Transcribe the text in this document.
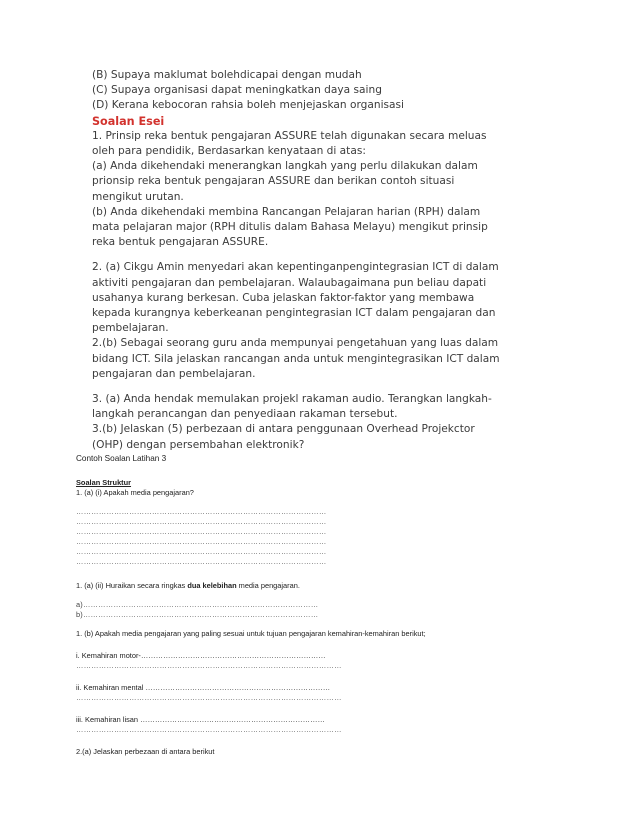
(B) Supaya maklumat bolehdicapai dengan mudah
(C) Supaya organisasi dapat meningkatkan daya saing
(D) Kerana kebocoran rahsia boleh menjejaskan organisasi
Soalan Esei
1. Prinsip reka bentuk pengajaran ASSURE telah digunakan secara meluas
oleh para pendidik, Berdasarkan kenyataan di atas:
(a) Anda dikehendaki menerangkan langkah yang perlu dilakukan dalam
prionsip reka bentuk pengajaran ASSURE dan berikan contoh situasi
mengikut urutan.
(b) Anda dikehendaki membina Rancangan Pelajaran harian (RPH) dalam
mata pelajaran major (RPH ditulis dalam Bahasa Melayu) mengikut prinsip
reka bentuk pengajaran ASSURE.
2. (a) Cikgu Amin menyedari akan kepentinganpengintegrasian ICT di dalam
aktiviti pengajaran dan pembelajaran. Walaubagaimana pun beliau dapati
usahanya kurang berkesan. Cuba jelaskan faktor-faktor yang membawa
kepada kurangnya keberkeanan pengintegrasian ICT dalam pengajaran dan
pembelajaran.
2.(b) Sebagai seorang guru anda mempunyai pengetahuan yang luas dalam
bidang ICT. Sila jelaskan rancangan anda untuk mengintegrasikan ICT dalam
pengajaran dan pembelajaran.
3. (a) Anda hendak memulakan projekl rakaman audio. Terangkan langkah-
langkah perancangan dan penyediaan rakaman tersebut.
3.(b) Jelaskan (5) perbezaan di antara penggunaan Overhead Projekctor
(OHP) dengan persembahan elektronik?
Contoh Soalan Latihan 3
Soalan Struktur
1. (a) (i) Apakah media pengajaran?
………………………………………………………………………………………
………………………………………………………………………………………
………………………………………………………………………………………
………………………………………………………………………………………
………………………………………………………………………………………
………………………………………………………………………………………
1. (a) (ii) Huraikan secara ringkas dua kelebihan media pengajaran.
a)…………………………………………………………………………………
b)…………………………………………………………………………………
1. (b) Apakah media pengajaran yang paling sesuai untuk tujuan pengajaran kemahiran-kemahiran berikut;
i. Kemahiran motor-…………………………………………………………………
……………………………………………………………………………………………
ii. Kemahiran mental …………………………………………………………………
……………………………………………………………………………………………
iii. Kemahiran lisan …………………………………………………………………
……………………………………………………………………………………………
2.(a) Jelaskan perbezaan di antara berikut
